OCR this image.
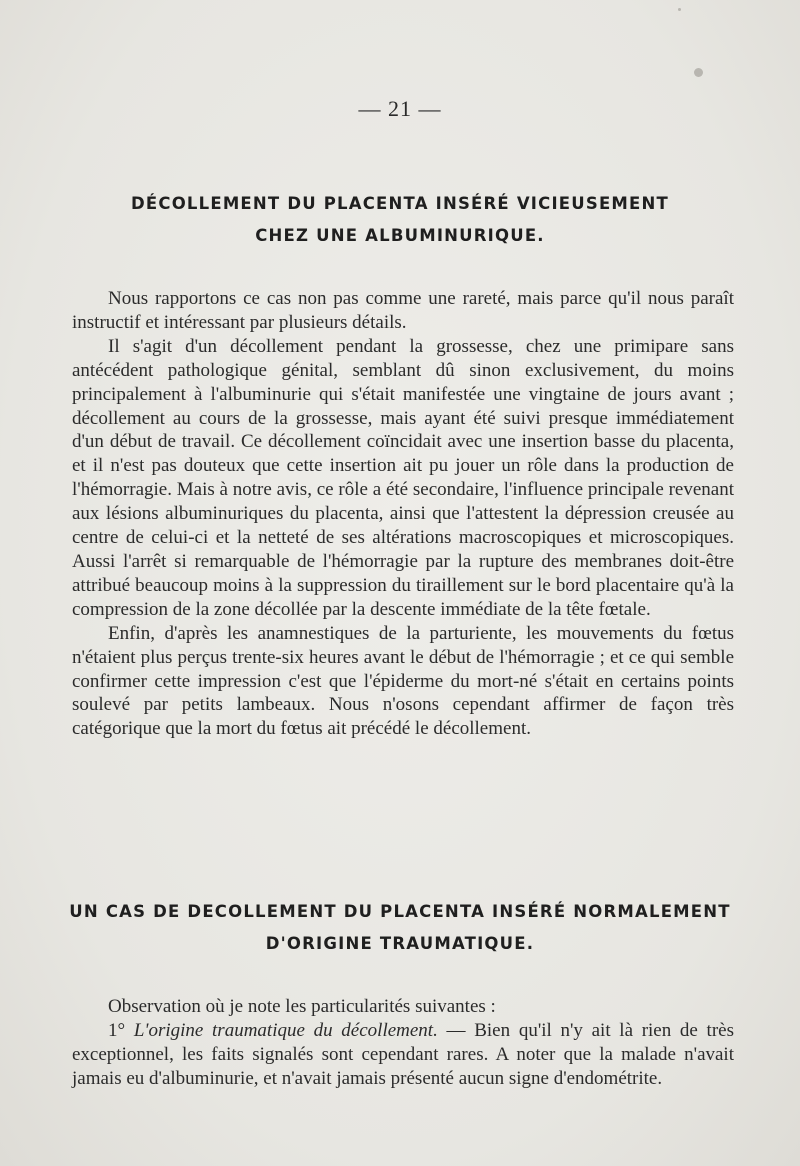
— 21 —
DÉCOLLEMENT DU PLACENTA INSÉRÉ VICIEUSEMENT
CHEZ UNE ALBUMINURIQUE.

Nous rapportons ce cas non pas comme une rareté, mais parce qu'il nous paraît instructif et intéressant par plusieurs détails.

Il s'agit d'un décollement pendant la grossesse, chez une primipare sans antécédent pathologique génital, semblant dû sinon exclusivement, du moins principalement à l'albuminurie qui s'était manifestée une vingtaine de jours avant ; décollement au cours de la grossesse, mais ayant été suivi presque immédiatement d'un début de travail. Ce décollement coïncidait avec une insertion basse du placenta, et il n'est pas douteux que cette insertion ait pu jouer un rôle dans la production de l'hémorragie. Mais à notre avis, ce rôle a été secondaire, l'influence principale revenant aux lésions albuminuriques du placenta, ainsi que l'attestent la dépression creusée au centre de celui-ci et la netteté de ses altérations macroscopiques et microscopiques. Aussi l'arrêt si remarquable de l'hémorragie par la rupture des membranes doit-être attribué beaucoup moins à la suppression du tiraillement sur le bord placentaire qu'à la compression de la zone décollée par la descente immédiate de la tête fœtale.

Enfin, d'après les anamnestiques de la parturiente, les mouvements du fœtus n'étaient plus perçus trente-six heures avant le début de l'hémorragie ; et ce qui semble confirmer cette impression c'est que l'épiderme du mort-né s'était en certains points soulevé par petits lambeaux. Nous n'osons cependant affirmer de façon très catégorique que la mort du fœtus ait précédé le décollement.

UN CAS DE DECOLLEMENT DU PLACENTA INSÉRÉ NORMALEMENT
D'ORIGINE TRAUMATIQUE.

Observation où je note les particularités suivantes :

1° L'origine traumatique du décollement. — Bien qu'il n'y ait là rien de très exceptionnel, les faits signalés sont cependant rares. A noter que la malade n'avait jamais eu d'albuminurie, et n'avait jamais présenté aucun signe d'endométrite.
